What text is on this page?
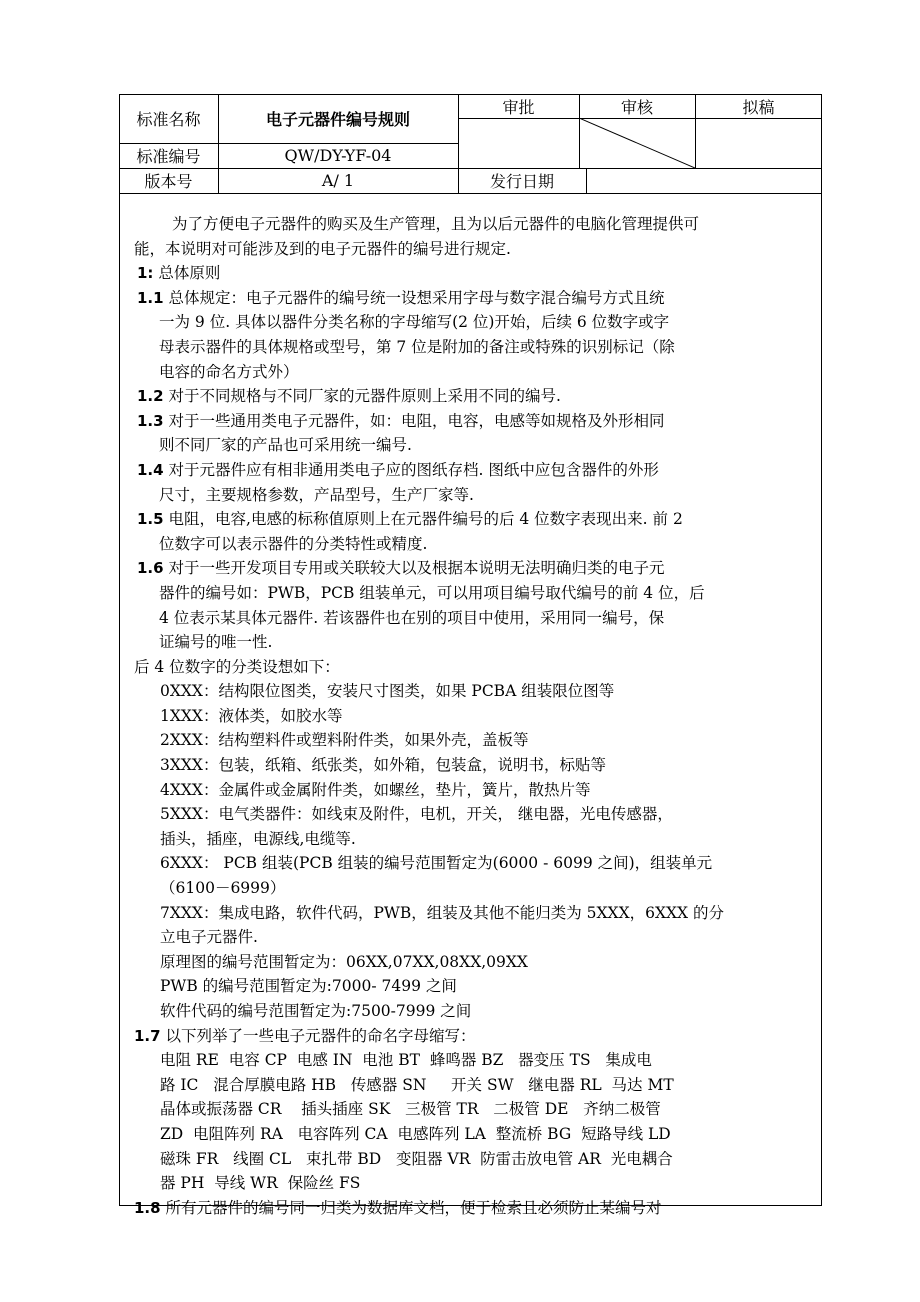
标准名称	电子元器件编号规则
审批	审核	拟稿
标准编号	QW/DY-YF-04
版本号	A/ 1	发行日期

为了方便电子元器件的购买及生产管理，且为以后元器件的电脑化管理提供可

能，本说明对可能涉及到的电子元器件的编号进行规定.

1: 总体原则

1.1 总体规定：电子元器件的编号统一设想采用字母与数字混合编号方式且统

一为 9 位. 具体以器件分类名称的字母缩写(2 位)开始，后续 6 位数字或字

母表示器件的具体规格或型号，第 7 位是附加的备注或特殊的识别标记（除

电容的命名方式外）

1.2 对于不同规格与不同厂家的元器件原则上采用不同的编号.

1.3 对于一些通用类电子元器件，如：电阻，电容，电感等如规格及外形相同

则不同厂家的产品也可采用统一编号.

1.4 对于元器件应有相非通用类电子应的图纸存档. 图纸中应包含器件的外形

尺寸，主要规格参数，产品型号，生产厂家等.

1.5 电阻，电容,电感的标称值原则上在元器件编号的后 4 位数字表现出来. 前 2

位数字可以表示器件的分类特性或精度.

1.6 对于一些开发项目专用或关联较大以及根据本说明无法明确归类的电子元

器件的编号如：PWB，PCB 组装单元，可以用项目编号取代编号的前 4 位，后

4 位表示某具体元器件. 若该器件也在别的项目中使用，采用同一编号，保

证编号的唯一性.

后 4 位数字的分类设想如下：

0XXX：结构限位图类，安装尺寸图类，如果 PCBA 组装限位图等

1XXX：液体类，如胶水等

2XXX：结构塑料件或塑料附件类，如果外壳，盖板等

3XXX：包装，纸箱、纸张类，如外箱，包装盒，说明书，标贴等

4XXX：金属件或金属附件类，如螺丝，垫片，簧片，散热片等

5XXX：电气类器件：如线束及附件，电机，开关， 继电器，光电传感器，

插头，插座，电源线,电缆等.

6XXX： PCB 组装(PCB 组装的编号范围暂定为(6000 - 6099 之间)，组装单元

（6100－6999）

7XXX：集成电路，软件代码，PWB，组装及其他不能归类为 5XXX，6XXX 的分

立电子元器件.

原理图的编号范围暂定为：06XX,07XX,08XX,09XX

PWB 的编号范围暂定为:7000- 7499 之间

软件代码的编号范围暂定为:7500-7999 之间

1.7 以下列举了一些电子元器件的命名字母缩写：

电阻 RE  电容 CP  电感 IN  电池 BT  蜂鸣器 BZ   器变压 TS   集成电

路 IC   混合厚膜电路 HB   传感器 SN     开关 SW   继电器 RL  马达 MT

晶体或振荡器 CR    插头插座 SK   三极管 TR   二极管 DE   齐纳二极管

ZD  电阻阵列 RA   电容阵列 CA  电感阵列 LA  整流桥 BG  短路导线 LD

磁珠 FR   线圈 CL   束扎带 BD   变阻器 VR  防雷击放电管 AR  光电耦合

器 PH  导线 WR  保险丝 FS

1.8 所有元器件的编号同一归类为数据库文档，便于检索且必须防止某编号对
